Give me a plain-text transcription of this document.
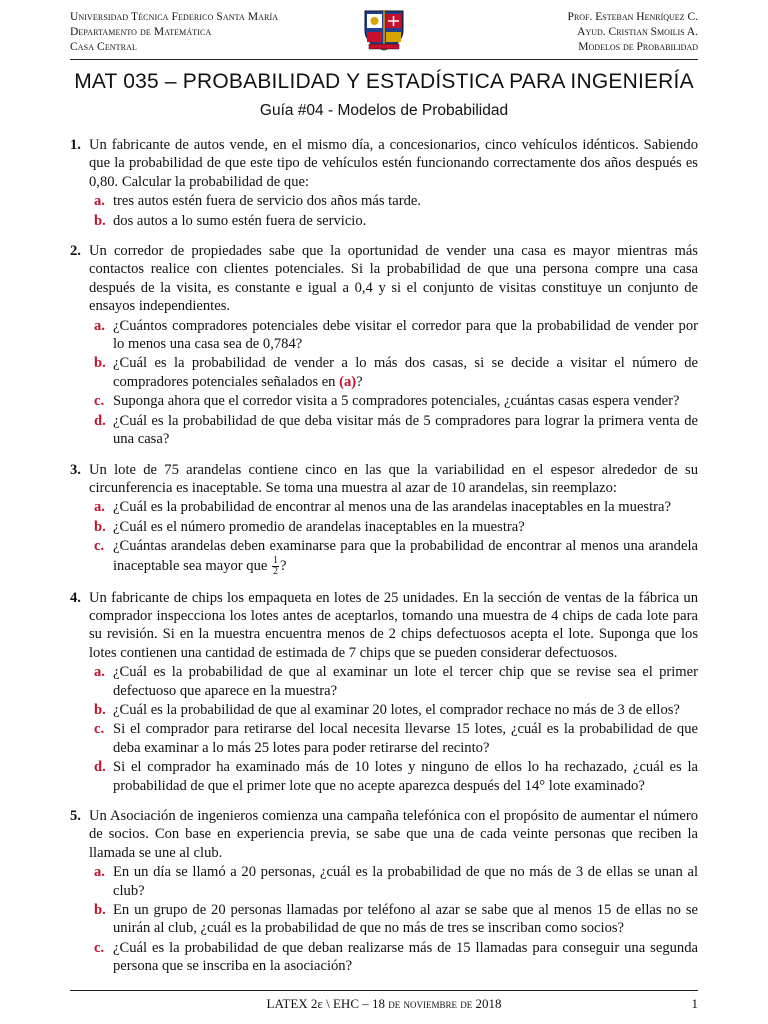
Universidad Técnica Federico Santa María
Departamento de Matemática
Casa Central
Prof. Esteban Henríquez C.
Ayud. Cristian Smoilis A.
Modelos de Probabilidad
MAT 035 – PROBABILIDAD Y ESTADÍSTICA PARA INGENIERÍA
Guía #04 - Modelos de Probabilidad
1. Un fabricante de autos vende, en el mismo día, a concesionarios, cinco vehículos idénticos. Sabiendo que la probabilidad de que este tipo de vehículos estén funcionando correctamente dos años después es 0,80. Calcular la probabilidad de que:

a. tres autos estén fuera de servicio dos años más tarde.
b. dos autos a lo sumo estén fuera de servicio.
2. Un corredor de propiedades sabe que la oportunidad de vender una casa es mayor mientras más contactos realice con clientes potenciales. Si la probabilidad de que una persona compre una casa después de la visita, es constante e igual a 0,4 y si el conjunto de visitas constituye un conjunto de ensayos independientes.

a. ¿Cuántos compradores potenciales debe visitar el corredor para que la probabilidad de vender por lo menos una casa sea de 0,784?
b. ¿Cuál es la probabilidad de vender a lo más dos casas, si se decide a visitar el número de compradores potenciales señalados en (a)?
c. Suponga ahora que el corredor visita a 5 compradores potenciales, ¿cuántas casas espera vender?
d. ¿Cuál es la probabilidad de que deba visitar más de 5 compradores para lograr la primera venta de una casa?
3. Un lote de 75 arandelas contiene cinco en las que la variabilidad en el espesor alrededor de su circunferencia es inaceptable. Se toma una muestra al azar de 10 arandelas, sin reemplazo:

a. ¿Cuál es la probabilidad de encontrar al menos una de las arandelas inaceptables en la muestra?
b. ¿Cuál es el número promedio de arandelas inaceptables en la muestra?
c. ¿Cuántas arandelas deben examinarse para que la probabilidad de encontrar al menos una arandela inaceptable sea mayor que $\frac{1}{2}$ ?
4. Un fabricante de chips los empaqueta en lotes de 25 unidades. En la sección de ventas de la fábrica un comprador inspecciona los lotes antes de aceptarlos, tomando una muestra de 4 chips de cada lote para su revisión. Si en la muestra encuentra menos de 2 chips defectuosos acepta el lote. Suponga que los lotes contienen una cantidad de estimada de 7 chips que se pueden considerar defectuosos.

a. ¿Cuál es la probabilidad de que al examinar un lote el tercer chip que se revise sea el primer defectuoso que aparece en la muestra?
b. ¿Cuál es la probabilidad de que al examinar 20 lotes, el comprador rechace no más de 3 de ellos?
c. Si el comprador para retirarse del local necesita llevarse 15 lotes, ¿cuál es la probabilidad de que deba examinar a lo más 25 lotes para poder retirarse del recinto?
d. Si el comprador ha examinado más de 10 lotes y ninguno de ellos lo ha rechazado, ¿cuál es la probabilidad de que el primer lote que no acepte aparezca después del 14° lote examinado?
5. Un Asociación de ingenieros comienza una campaña telefónica con el propósito de aumentar el número de socios. Con base en experiencia previa, se sabe que una de cada veinte personas que reciben la llamada se une al club.

a. En un día se llamó a 20 personas, ¿cuál es la probabilidad de que no más de 3 de ellas se unan al club?
b. En un grupo de 20 personas llamadas por teléfono al azar se sabe que al menos 15 de ellas no se unirán al club, ¿cuál es la probabilidad de que no más de tres se inscriban como socios?
c. ¿Cuál es la probabilidad de que deban realizarse más de 15 llamadas para conseguir una segunda persona que se inscriba en la asociación?
LATEX 2ε \ EHC – 18 de noviembre de 2018	1
